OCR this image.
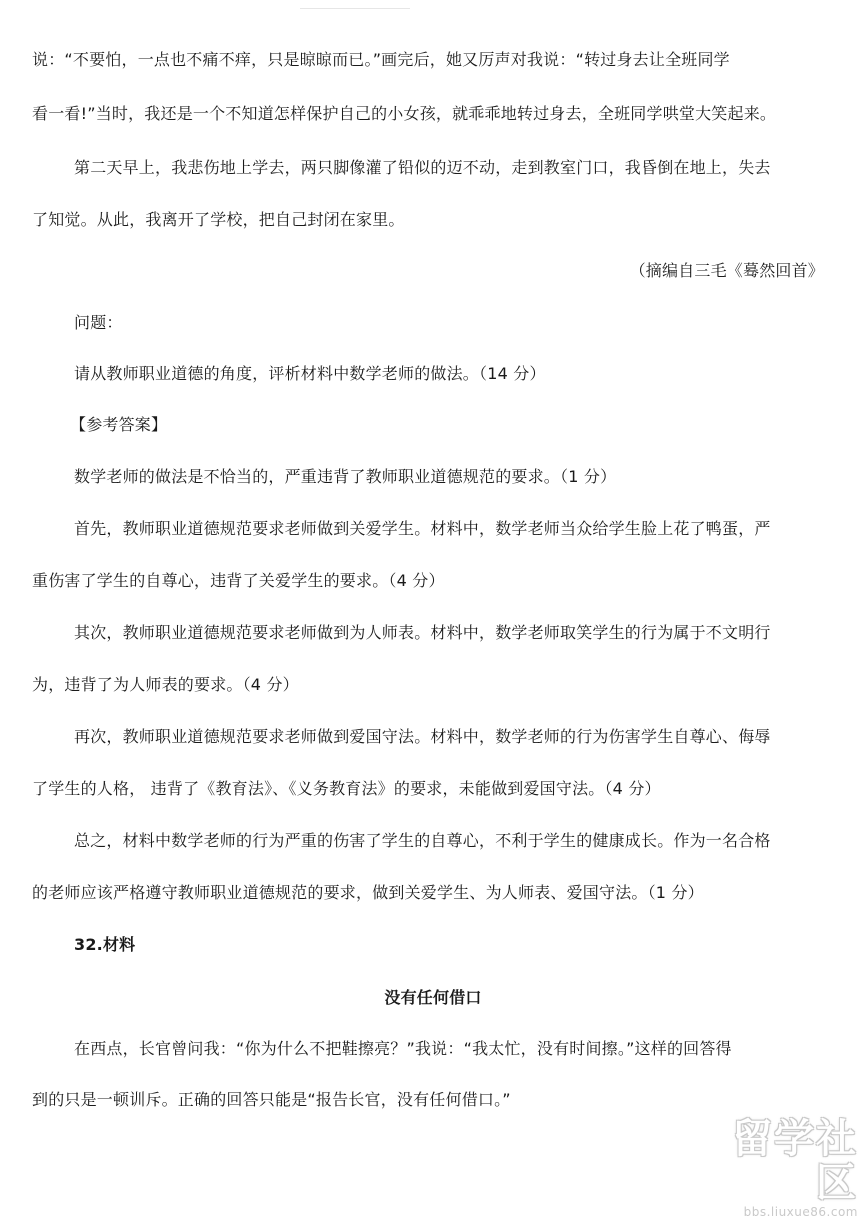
说：“不要怕，一点也不痛不痒，只是晾晾而已。”画完后，她又厉声对我说：“转过身去让全班同学
看一看!”当时，我还是一个不知道怎样保护自己的小女孩，就乖乖地转过身去，全班同学哄堂大笑起来。
第二天早上，我悲伤地上学去，两只脚像灌了铅似的迈不动，走到教室门口，我昏倒在地上，失去
了知觉。从此，我离开了学校，把自己封闭在家里。
（摘编自三毛《蓦然回首》
问题：
请从教师职业道德的角度，评析材料中数学老师的做法。（14 分）
【参考答案】
数学老师的做法是不恰当的，严重违背了教师职业道德规范的要求。（1 分）
首先，教师职业道德规范要求老师做到关爱学生。材料中，数学老师当众给学生脸上花了鸭蛋，严
重伤害了学生的自尊心，违背了关爱学生的要求。（4 分）
其次，教师职业道德规范要求老师做到为人师表。材料中，数学老师取笑学生的行为属于不文明行
为，违背了为人师表的要求。（4 分）
再次，教师职业道德规范要求老师做到爱国守法。材料中，数学老师的行为伤害学生自尊心、侮辱
了学生的人格， 违背了《教育法》、《义务教育法》的要求，未能做到爱国守法。（4 分）
总之，材料中数学老师的行为严重的伤害了学生的自尊心，不利于学生的健康成长。作为一名合格
的老师应该严格遵守教师职业道德规范的要求，做到关爱学生、为人师表、爱国守法。（1 分）
32.材料
没有任何借口
在西点，长官曾问我：“你为什么不把鞋擦亮？”我说：“我太忙，没有时间擦。”这样的回答得
到的只是一顿训斥。正确的回答只能是“报告长官，没有任何借口。”
留学社区
bbs.liuxue86.com
